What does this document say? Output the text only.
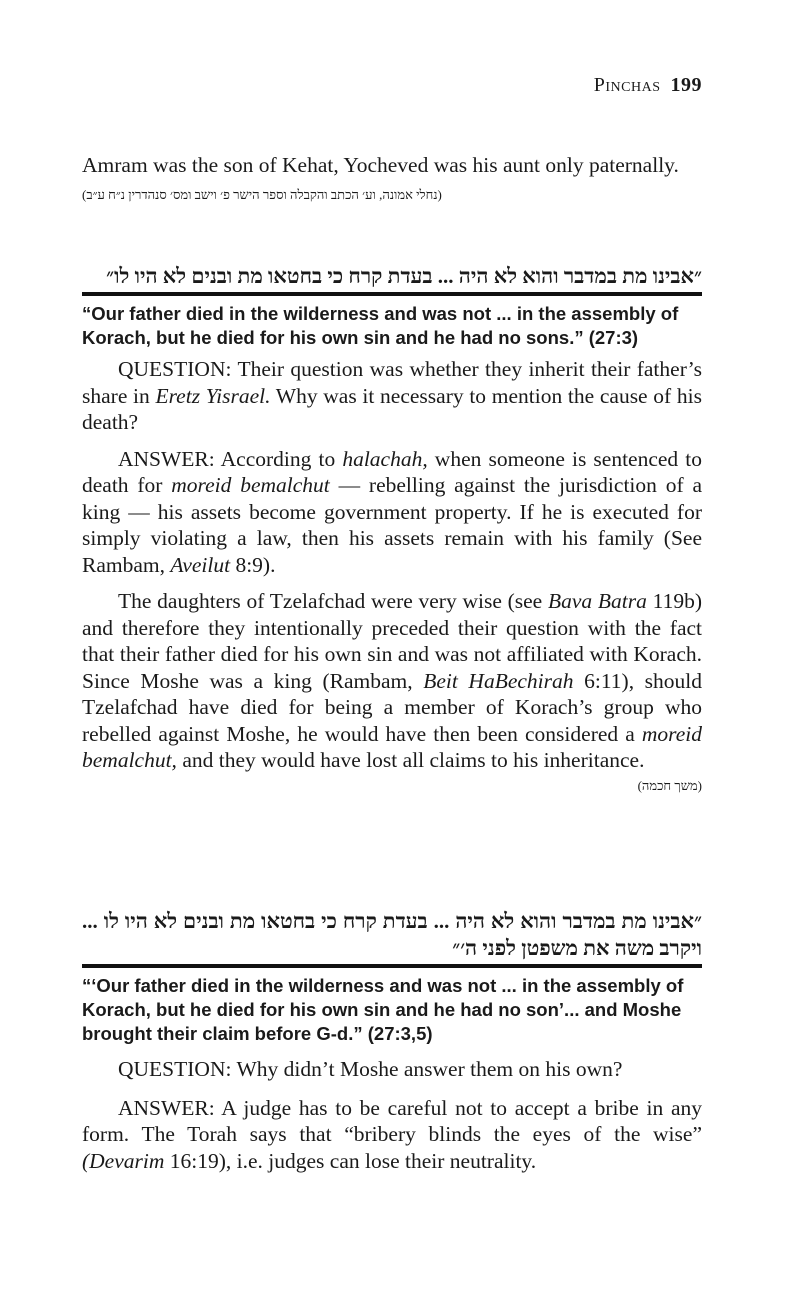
Pinchas 199

Amram was the son of Kehat, Yocheved was his aunt only paternally.

(נחלי אמונה, וע׳ הכתב והקבלה וספר הישר פ׳ וישב ומס׳ סנהדרין נ״ח ע״ב)

״אבינו מת במדבר והוא לא היה ... בעדת קרח כי בחטאו מת ובנים לא היו לו״

“Our father died in the wilderness and was not ... in the assembly of Korach, but he died for his own sin and he had no sons.” (27:3)

QUESTION: Their question was whether they inherit their father’s share in Eretz Yisrael. Why was it necessary to mention the cause of his death?

ANSWER: According to halachah, when someone is sentenced to death for moreid bemalchut — rebelling against the jurisdiction of a king — his assets become government property. If he is executed for simply violating a law, then his assets remain with his family (See Rambam, Aveilut 8:9).

The daughters of Tzelafchad were very wise (see Bava Batra 119b) and therefore they intentionally preceded their question with the fact that their father died for his own sin and was not affiliated with Korach. Since Moshe was a king (Rambam, Beit HaBechirah 6:11), should Tzelafchad have died for being a member of Korach’s group who rebelled against Moshe, he would have then been considered a moreid bemalchut, and they would have lost all claims to his inheritance.

(משך חכמה)

״אבינו מת במדבר והוא לא היה ... בעדת קרח כי בחטאו מת ובנים לא היו לו ... ויקרב משה את משפטן לפני ה׳״

“‘Our father died in the wilderness and was not ... in the assembly of Korach, but he died for his own sin and he had no son’... and Moshe brought their claim before G-d.” (27:3,5)

QUESTION: Why didn’t Moshe answer them on his own?

ANSWER: A judge has to be careful not to accept a bribe in any form. The Torah says that “bribery blinds the eyes of the wise” (Devarim 16:19), i.e. judges can lose their neutrality.
